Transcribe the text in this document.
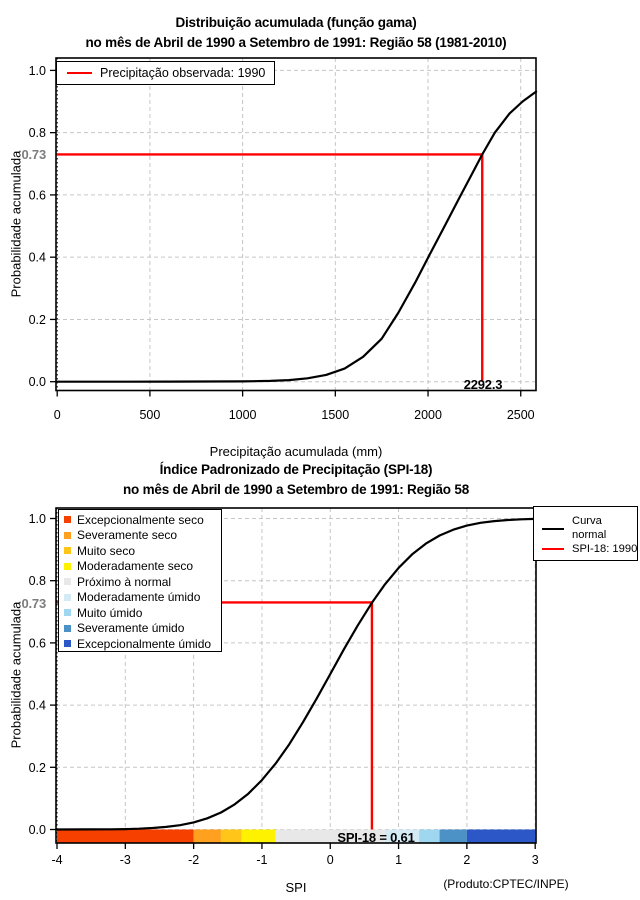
0	500	1000	1500	2000	2500
0.0
0.2
0.4
0.6
0.8
1.0
-4	-3	-2	-1	0	1	2	3
0.0
0.2
0.4
0.6
0.8
1.0
Distribuição acumulada (função gama)
no mês de Abril de 1990 a Setembro de 1991: Região 58 (1981-2010)
Precipitação observada: 1990
Probabilidade acumulada
Precipitação acumulada (mm)
0.73
2292.3
Índice Padronizado de Precipitação (SPI-18)
no mês de Abril de 1990 a Setembro de 1991: Região 58
Excepcionalmente seco
Severamente seco
Muito seco
Moderadamente seco
Próximo à normal
Moderadamente úmido
Muito úmido
Severamente úmido
Excepcionalmente úmido
Curva
normal
SPI-18: 1990
Probabilidade acumulada
SPI	(Produto:CPTEC/INPE)
0.73
SPI-18 = 0.61
